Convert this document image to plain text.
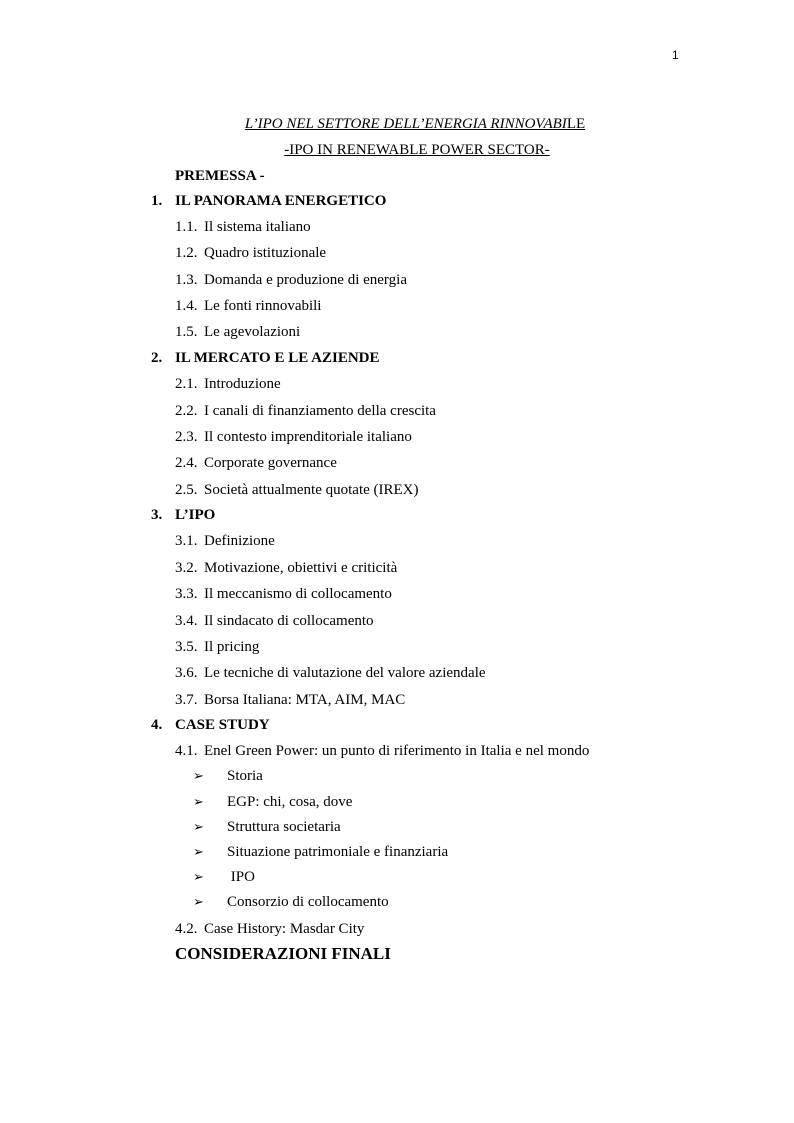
1
L’IPO NEL SETTORE DELL’ENERGIA RINNOVABILE
-IPO IN RENEWABLE POWER SECTOR-
PREMESSA -
1. IL PANORAMA ENERGETICO
1.1. Il sistema italiano
1.2. Quadro istituzionale
1.3. Domanda e produzione di energia
1.4. Le fonti rinnovabili
1.5. Le agevolazioni
2. IL MERCATO E LE AZIENDE
2.1. Introduzione
2.2. I canali di finanziamento della crescita
2.3. Il contesto imprenditoriale italiano
2.4. Corporate governance
2.5. Società attualmente quotate (IREX)
3. L’IPO
3.1. Definizione
3.2. Motivazione, obiettivi e criticità
3.3. Il meccanismo di collocamento
3.4. Il sindacato di collocamento
3.5. Il pricing
3.6. Le tecniche di valutazione del valore aziendale
3.7. Borsa Italiana: MTA, AIM, MAC
4. CASE STUDY
4.1. Enel Green Power: un punto di riferimento in Italia e nel mondo
➢ Storia
➢ EGP: chi, cosa, dove
➢ Struttura societaria
➢ Situazione patrimoniale e finanziaria
➢ IPO
➢ Consorzio di collocamento
4.2. Case History: Masdar City
CONSIDERAZIONI FINALI
